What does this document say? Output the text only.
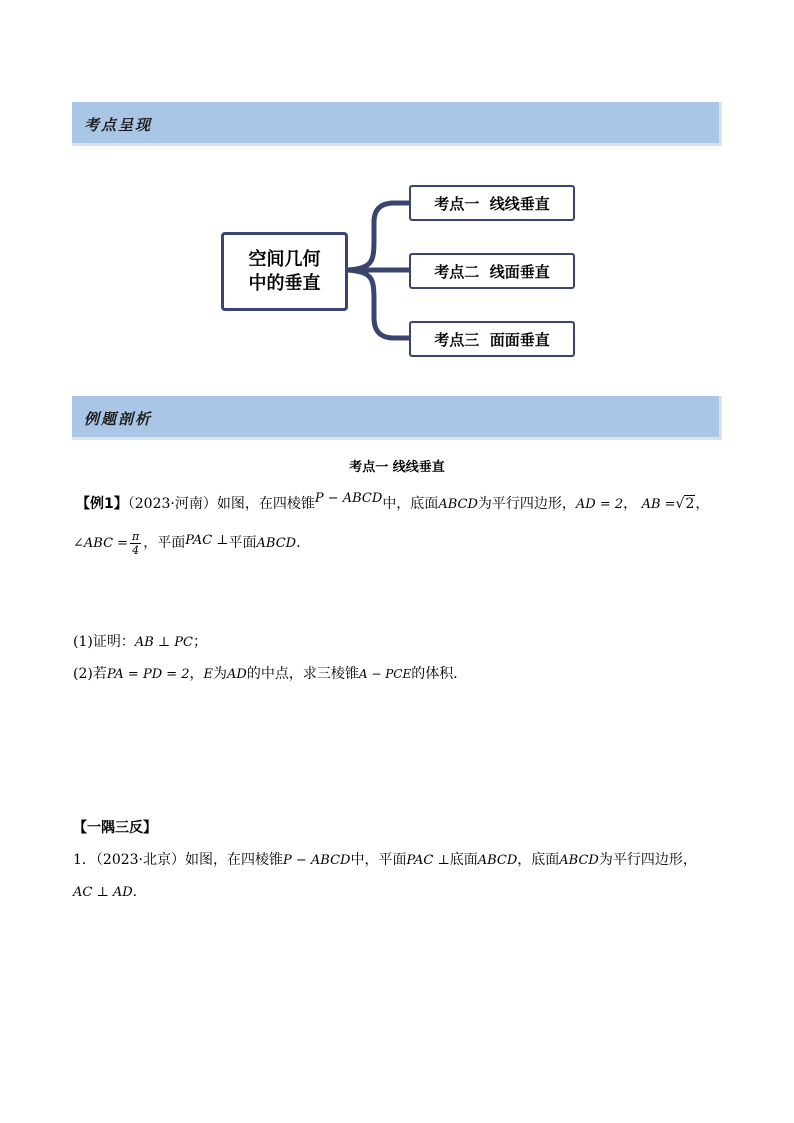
考点呈现
空间几何
中的垂直
考点一  线线垂直
考点二  线面垂直
考点三  面面垂直
例题剖析
考点一 线线垂直
【例1】（2023·河南）如图，在四棱锥P − ABCD中，底面ABCD为平行四边形，AD = 2， AB =√2，
∠ABC = $\frac{\pi}{4}$ ，平面PAC ⊥平面ABCD.
(1)证明：AB ⊥ PC；
(2)若PA = PD = 2，E为AD的中点，求三棱锥A − PCE的体积．
【一隅三反】
1．（2023·北京）如图，在四棱锥P − ABCD中，平面PAC ⊥底面ABCD，底面ABCD为平行四边形，
AC ⊥ AD.
